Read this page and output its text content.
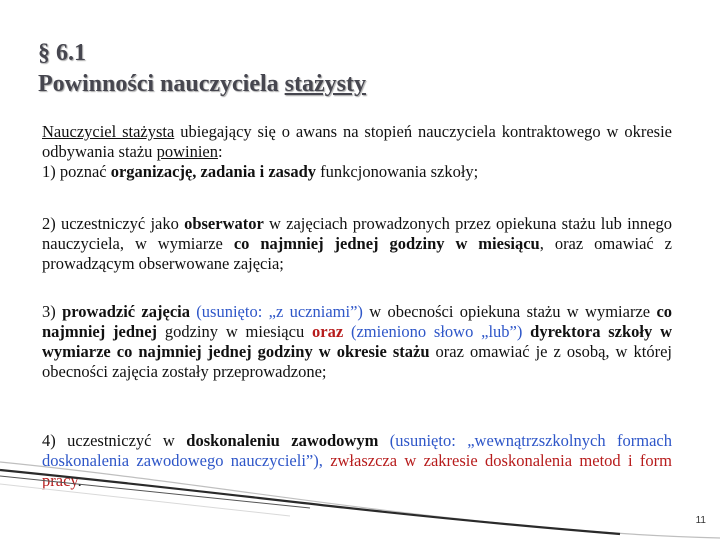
§ 6.1
Powinności nauczyciela stażysty

Nauczyciel stażysta ubiegający się o awans na stopień nauczyciela kontraktowego w okresie odbywania stażu powinien:

1) poznać organizację, zadania i zasady funkcjonowania szkoły;

2) uczestniczyć jako obserwator w zajęciach prowadzonych przez opiekuna stażu lub innego nauczyciela, w wymiarze co najmniej jednej godziny w miesiącu, oraz omawiać z prowadzącym obserwowane zajęcia;

3) prowadzić zajęcia (usunięto: „z uczniami”) w obecności opiekuna stażu w wymiarze co najmniej jednej godziny w miesiącu oraz (zmieniono słowo „lub”) dyrektora szkoły w wymiarze co najmniej jednej godziny w okresie stażu oraz omawiać je z osobą, w której obecności zajęcia zostały przeprowadzone;

4) uczestniczyć w doskonaleniu zawodowym (usunięto: „wewnątrzszkolnych formach doskonalenia zawodowego nauczycieli”), zwłaszcza w zakresie doskonalenia metod i form pracy.

11
